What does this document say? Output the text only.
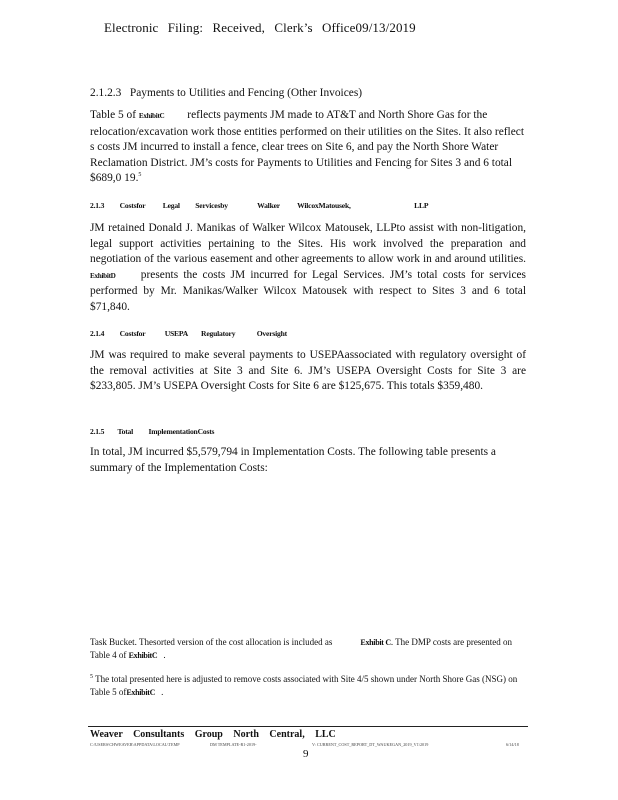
Electronic Filing: Received, Clerk’s Office09/13/2019
2.1.2.3   Payments to Utilities and Fencing (Other Invoices)
Table 5 of ExhibitC reflects payments JM made to AT&T and North Shore Gas for the relocation/excavation work those entities performed on their utilities on the Sites. It also reflect s costs JM incurred to install a fence, clear trees on Site 6, and pay the North Shore Water Reclamation District. JM’s costs for Payments to Utilities and Fencing for Sites 3 and 6 total $689,0 19.$^5$
2.1.3 Costsfor Legal Servicesby	Walker WilcoxMatousek,	LLP
JM retained Donald J. Manikas of Walker Wilcox Matousek, LLPto assist with non-litigation, legal support activities pertaining to the Sites. His work involved the preparation and negotiation of the various easement and other agreements to allow work in and around utilities. ExhibitD presents the costs JM incurred for Legal Services. JM’s total costs for services performed by Mr. Manikas/Walker Wilcox Matousek with respect to Sites 3 and 6 total $71,840.
2.1.4 Costsfor	USEPA Regulatory	Oversight
JM was required to make several payments to USEPAassociated with regulatory oversight of the removal activities at Site 3 and Site 6. JM’s USEPA Oversight Costs for Site 3 are $233,805. JM’s USEPA Oversight Costs for Site 6 are $125,675. This totals $359,480.
2.1.5 Total ImplementationCosts
In total, JM incurred $5,579,794 in Implementation Costs. The following table presents a summary of the Implementation Costs:
Task Bucket. Thesorted version of the cost allocation is included as	Exhibit C. The DMP costs are presented on Table 4 of ExhibitC .
$^5$ The total presented here is adjusted to remove costs associated with Site 4/5 shown under North Shore Gas (NSG) on Table 5 ofExhibitC .
Weaver Consultants Group North Central, LLC
C:\USERS\CHWEAVER\APPDATA\LOCAL\TEMP	DM TEMPLATE-R1-2019-	V: CURRENT_COST_REPORT_DT_WAUKEGAN_2019_V1\2019	6/14/18
9
